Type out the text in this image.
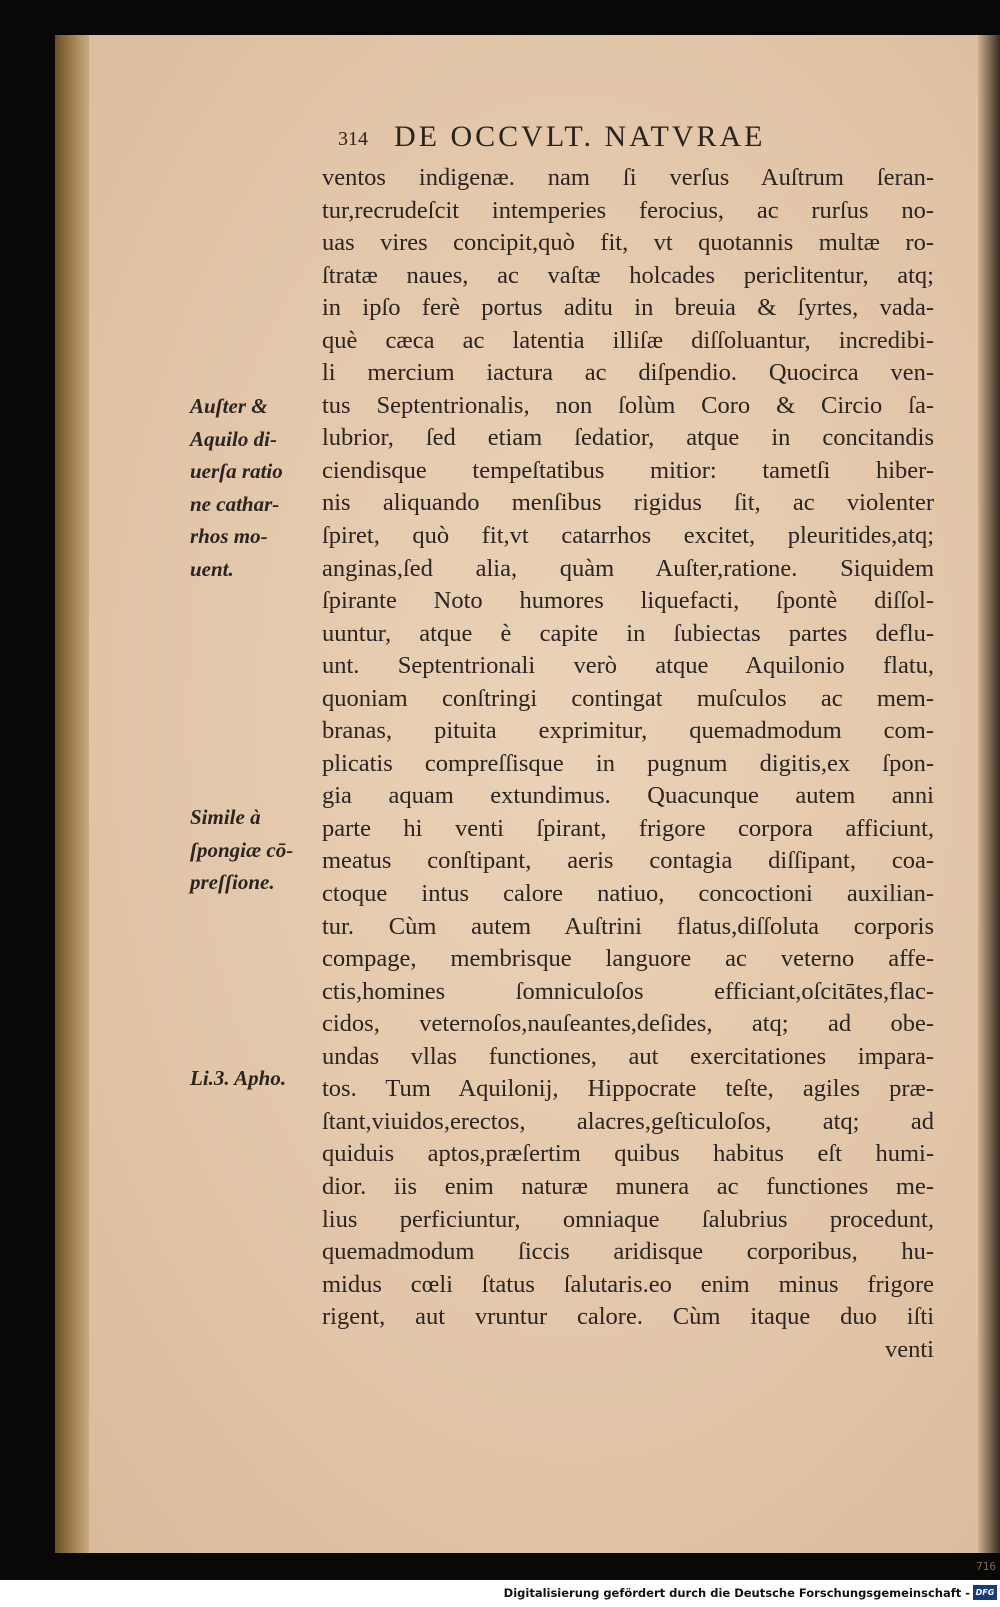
314 DE OCCVLT. NATVRAE
ventos indigenæ. nam ſi verſus Auſtrum ſeran-
tur,recrudeſcit intemperies ferocius, ac rurſus no-
uas vires concipit,quò fit, vt quotannis multæ ro-
ſtratæ naues, ac vaſtæ holcades periclitentur, atq;
in ipſo ferè portus aditu in breuia & ſyrtes, vada-
què cæca ac latentia illiſæ diſſoluantur, incredibi-
li mercium iactura ac diſpendio. Quocirca ven-
tus Septentrionalis, non ſolùm Coro & Circio ſa-
lubrior, ſed etiam ſedatior, atque in concitandis
ciendisque tempeſtatibus mitior: tametſi hiber-
nis aliquando menſibus rigidus ſit, ac violenter
ſpiret, quò fit,vt catarrhos excitet, pleuritides,atq;
anginas,ſed alia, quàm Auſter,ratione. Siquidem
ſpirante Noto humores liquefacti, ſpontè diſſol-
uuntur, atque è capite in ſubiectas partes deflu-
unt. Septentrionali verò atque Aquilonio flatu,
quoniam conſtringi contingat muſculos ac mem-
branas, pituita exprimitur, quemadmodum com-
plicatis compreſſisque in pugnum digitis,ex ſpon-
gia aquam extundimus. Quacunque autem anni
parte hi venti ſpirant, frigore corpora afficiunt,
meatus conſtipant, aeris contagia diſſipant, coa-
ctoque intus calore natiuo, concoctioni auxilian-
tur. Cùm autem Auſtrini flatus,diſſoluta corporis
compage, membrisque languore ac veterno affe-
ctis,homines ſomniculoſos efficiant,oſcitātes,flac-
cidos, veternoſos,nauſeantes,deſides, atq; ad obe-
undas vllas functiones, aut exercitationes impara-
tos. Tum Aquilonij, Hippocrate teſte, agiles præ-
ſtant,viuidos,erectos, alacres,geſticuloſos, atq; ad
quiduis aptos,præſertim quibus habitus eſt humi-
dior. iis enim naturæ munera ac functiones me-
lius perficiuntur, omniaque ſalubrius procedunt,
quemadmodum ſiccis aridisque corporibus, hu-
midus cœli ſtatus ſalutaris.eo enim minus frigore
rigent, aut vruntur calore. Cùm itaque duo iſti
venti
Auſter &
Aquilo di-
uerſa ratio
ne cathar-
rhos mo-
uent.
Simile à
ſpongiæ cō-
preſſione.
Li.3. Apho.
716
Digitalisierung gefördert durch die Deutsche Forschungsgemeinschaft - DFG
